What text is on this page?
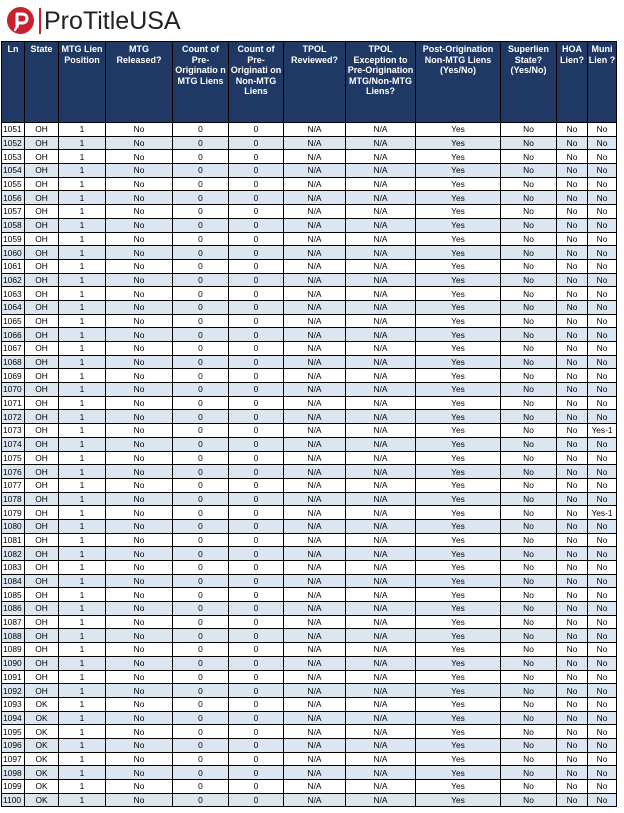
ProTitleUSA
Ln	State	MTG Lien Position	MTG Released?	Count of Pre-Originatio n MTG Liens	Count of Pre-Originati on Non-MTG Liens	TPOL Reviewed?	TPOL Exception to Pre-Origination MTG/Non-MTG Liens?	Post-Origination Non-MTG Liens (Yes/No)	Superlien State? (Yes/No)	HOA Lien?	Muni Lien ?
1051	OH	1	No	0	0	N/A	N/A	Yes	No	No	No
1052	OH	1	No	0	0	N/A	N/A	Yes	No	No	No
1053	OH	1	No	0	0	N/A	N/A	Yes	No	No	No
1054	OH	1	No	0	0	N/A	N/A	Yes	No	No	No
1055	OH	1	No	0	0	N/A	N/A	Yes	No	No	No
1056	OH	1	No	0	0	N/A	N/A	Yes	No	No	No
1057	OH	1	No	0	0	N/A	N/A	Yes	No	No	No
1058	OH	1	No	0	0	N/A	N/A	Yes	No	No	No
1059	OH	1	No	0	0	N/A	N/A	Yes	No	No	No
1060	OH	1	No	0	0	N/A	N/A	Yes	No	No	No
1061	OH	1	No	0	0	N/A	N/A	Yes	No	No	No
1062	OH	1	No	0	0	N/A	N/A	Yes	No	No	No
1063	OH	1	No	0	0	N/A	N/A	Yes	No	No	No
1064	OH	1	No	0	0	N/A	N/A	Yes	No	No	No
1065	OH	1	No	0	0	N/A	N/A	Yes	No	No	No
1066	OH	1	No	0	0	N/A	N/A	Yes	No	No	No
1067	OH	1	No	0	0	N/A	N/A	Yes	No	No	No
1068	OH	1	No	0	0	N/A	N/A	Yes	No	No	No
1069	OH	1	No	0	0	N/A	N/A	Yes	No	No	No
1070	OH	1	No	0	0	N/A	N/A	Yes	No	No	No
1071	OH	1	No	0	0	N/A	N/A	Yes	No	No	No
1072	OH	1	No	0	0	N/A	N/A	Yes	No	No	No
1073	OH	1	No	0	0	N/A	N/A	Yes	No	No	Yes-1
1074	OH	1	No	0	0	N/A	N/A	Yes	No	No	No
1075	OH	1	No	0	0	N/A	N/A	Yes	No	No	No
1076	OH	1	No	0	0	N/A	N/A	Yes	No	No	No
1077	OH	1	No	0	0	N/A	N/A	Yes	No	No	No
1078	OH	1	No	0	0	N/A	N/A	Yes	No	No	No
1079	OH	1	No	0	0	N/A	N/A	Yes	No	No	Yes-1
1080	OH	1	No	0	0	N/A	N/A	Yes	No	No	No
1081	OH	1	No	0	0	N/A	N/A	Yes	No	No	No
1082	OH	1	No	0	0	N/A	N/A	Yes	No	No	No
1083	OH	1	No	0	0	N/A	N/A	Yes	No	No	No
1084	OH	1	No	0	0	N/A	N/A	Yes	No	No	No
1085	OH	1	No	0	0	N/A	N/A	Yes	No	No	No
1086	OH	1	No	0	0	N/A	N/A	Yes	No	No	No
1087	OH	1	No	0	0	N/A	N/A	Yes	No	No	No
1088	OH	1	No	0	0	N/A	N/A	Yes	No	No	No
1089	OH	1	No	0	0	N/A	N/A	Yes	No	No	No
1090	OH	1	No	0	0	N/A	N/A	Yes	No	No	No
1091	OH	1	No	0	0	N/A	N/A	Yes	No	No	No
1092	OH	1	No	0	0	N/A	N/A	Yes	No	No	No
1093	OK	1	No	0	0	N/A	N/A	Yes	No	No	No
1094	OK	1	No	0	0	N/A	N/A	Yes	No	No	No
1095	OK	1	No	0	0	N/A	N/A	Yes	No	No	No
1096	OK	1	No	0	0	N/A	N/A	Yes	No	No	No
1097	OK	1	No	0	0	N/A	N/A	Yes	No	No	No
1098	OK	1	No	0	0	N/A	N/A	Yes	No	No	No
1099	OK	1	No	0	0	N/A	N/A	Yes	No	No	No
1100	OK	1	No	0	0	N/A	N/A	Yes	No	No	No
